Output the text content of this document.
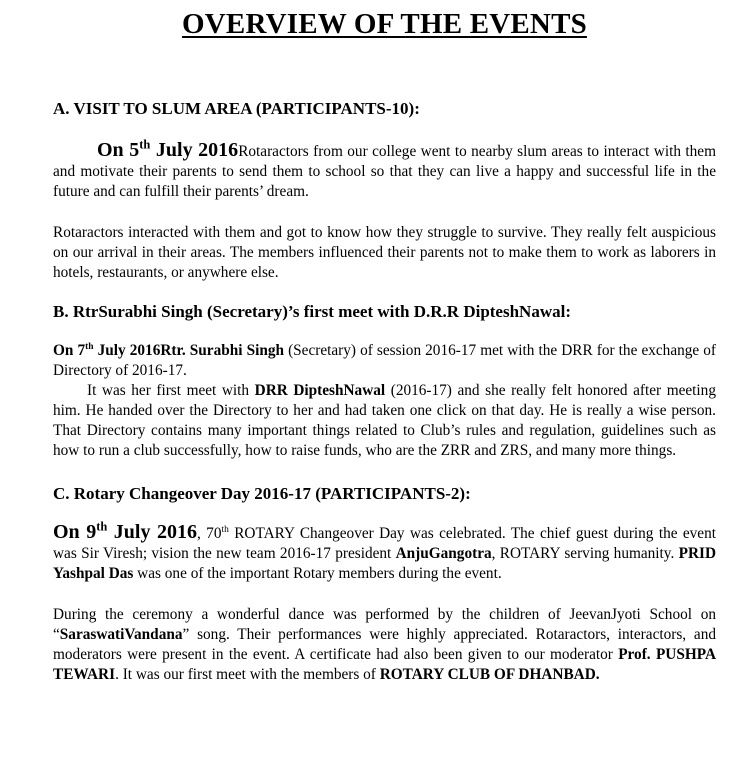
OVERVIEW OF THE EVENTS
A. VISIT TO SLUM AREA (PARTICIPANTS-10):

On 5th July 2016Rotaractors from our college went to nearby slum areas to interact with them and motivate their parents to send them to school so that they can live a happy and successful life in the future and can fulfill their parents’ dream.

Rotaractors interacted with them and got to know how they struggle to survive. They really felt auspicious on our arrival in their areas. The members influenced their parents not to make them to work as laborers in hotels, restaurants, or anywhere else.

B. RtrSurabhi Singh (Secretary)’s first meet with D.R.R DipteshNawal:

On 7th July 2016Rtr. Surabhi Singh (Secretary) of session 2016-17 met with the DRR for the exchange of Directory of 2016-17.

It was her first meet with DRR DipteshNawal (2016-17) and she really felt honored after meeting him. He handed over the Directory to her and had taken one click on that day. He is really a wise person. That Directory contains many important things related to Club’s rules and regulation, guidelines such as how to run a club successfully, how to raise funds, who are the ZRR and ZRS, and many more things.

C. Rotary Changeover Day 2016-17 (PARTICIPANTS-2):

On 9th July 2016, 70th ROTARY Changeover Day was celebrated. The chief guest during the event was Sir Viresh; vision the new team 2016-17 president AnjuGangotra, ROTARY serving humanity. PRID Yashpal Das was one of the important Rotary members during the event.

During the ceremony a wonderful dance was performed by the children of JeevanJyoti School on “SaraswatiVandana” song. Their performances were highly appreciated. Rotaractors, interactors, and moderators were present in the event. A certificate had also been given to our moderator Prof. PUSHPA TEWARI. It was our first meet with the members of ROTARY CLUB OF DHANBAD.
